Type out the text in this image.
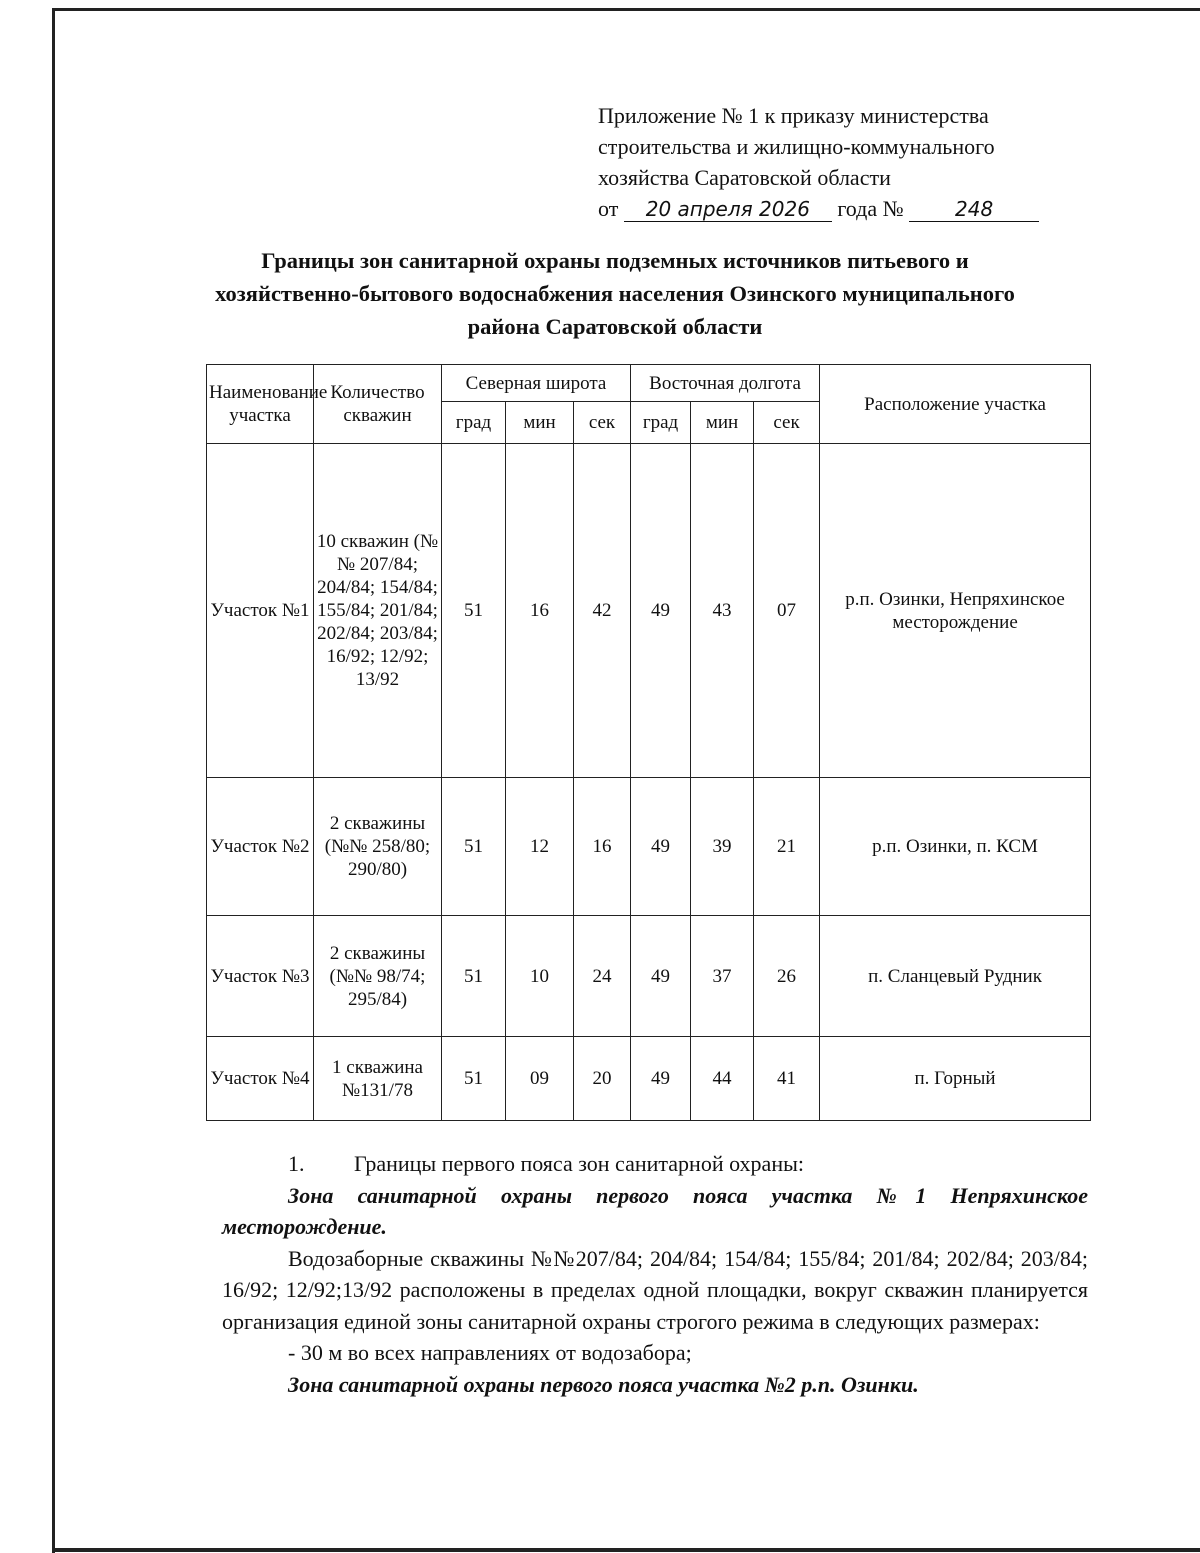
Приложение № 1 к приказу министерства
строительства и жилищно-коммунального
хозяйства Саратовской области
от 20 апреля 2026 года №	248
Границы зон санитарной охраны подземных источников питьевого и хозяйственно-бытового водоснабжения населения Озинского муниципального района Саратовской области
Наименование участка	Количество скважин	Северная широта			Восточная долгота			Расположение участка
		град	мин	сек	град	мин	сек	
Участок №1	10 скважин (№№ 207/84; 204/84; 154/84; 155/84; 201/84; 202/84; 203/84; 16/92; 12/92; 13/92	51	16	42	49	43	07	р.п. Озинки, Непряхинское месторождение
Участок №2	2 скважины (№№ 258/80; 290/80)	51	12	16	49	39	21	р.п. Озинки, п. КСМ
Участок №3	2 скважины (№№ 98/74; 295/84)	51	10	24	49	37	26	п. Сланцевый Рудник
Участок №4	1 скважина №131/78	51	09	20	49	44	41	п. Горный

1. Границы первого пояса зон санитарной охраны:

Зона санитарной охраны первого пояса участка №1 Непряхинское месторождение.

Водозаборные скважины №№207/84; 204/84; 154/84; 155/84; 201/84; 202/84; 203/84; 16/92; 12/92;13/92 расположены в пределах одной площадки, вокруг скважин планируется организация единой зоны санитарной охраны строгого режима в следующих размерах:

- 30 м во всех направлениях от водозабора;

Зона санитарной охраны первого пояса участка №2 р.п. Озинки.
